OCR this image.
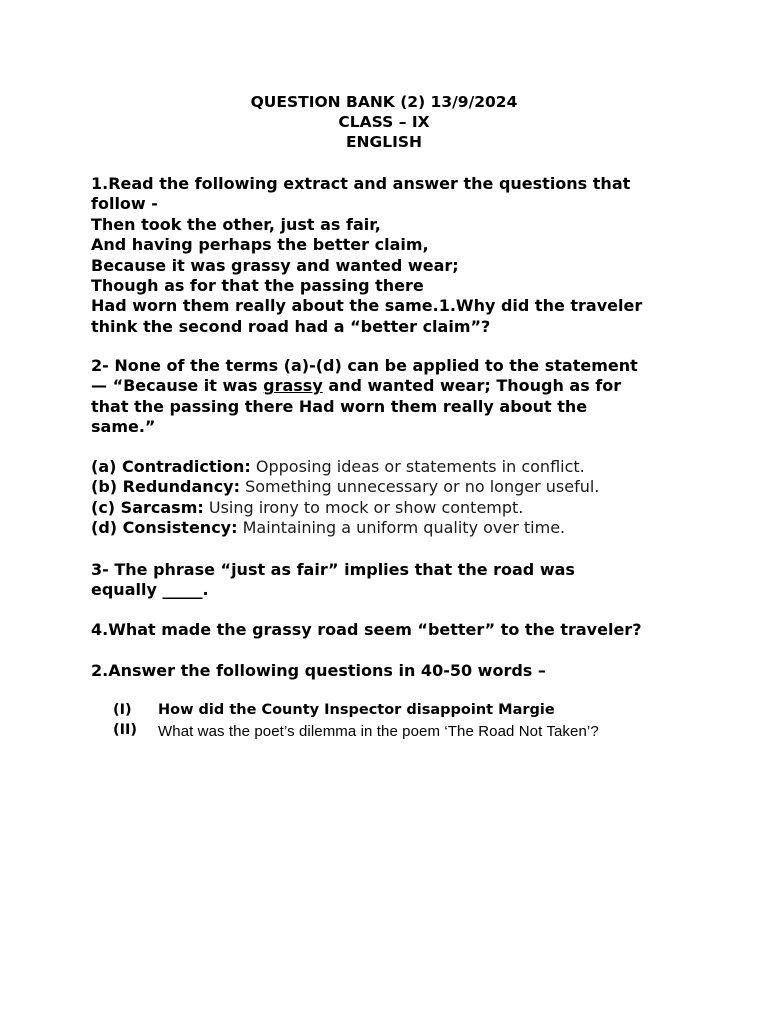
QUESTION BANK (2) 13/9/2024
CLASS – IX
ENGLISH
1.Read the following extract and answer the questions that
follow -
Then took the other, just as fair,
And having perhaps the better claim,
Because it was grassy and wanted wear;
Though as for that the passing there
Had worn them really about the same.1.Why did the traveler
think the second road had a “better claim”?
2- None of the terms (a)-(d) can be applied to the statement
— “Because it was grassy and wanted wear; Though as for
that the passing there Had worn them really about the
same.”
(a) Contradiction: Opposing ideas or statements in conflict.
(b) Redundancy: Something unnecessary or no longer useful.
(c) Sarcasm: Using irony to mock or show contempt.
(d) Consistency: Maintaining a uniform quality over time.
3- The phrase “just as fair” implies that the road was
equally _____.
4.What made the grassy road seem “better” to the traveler?
2.Answer the following questions in 40-50 words –
(I) How did the County Inspector disappoint Margie
(II) What was the poet’s dilemma in the poem ‘The Road Not Taken’?
